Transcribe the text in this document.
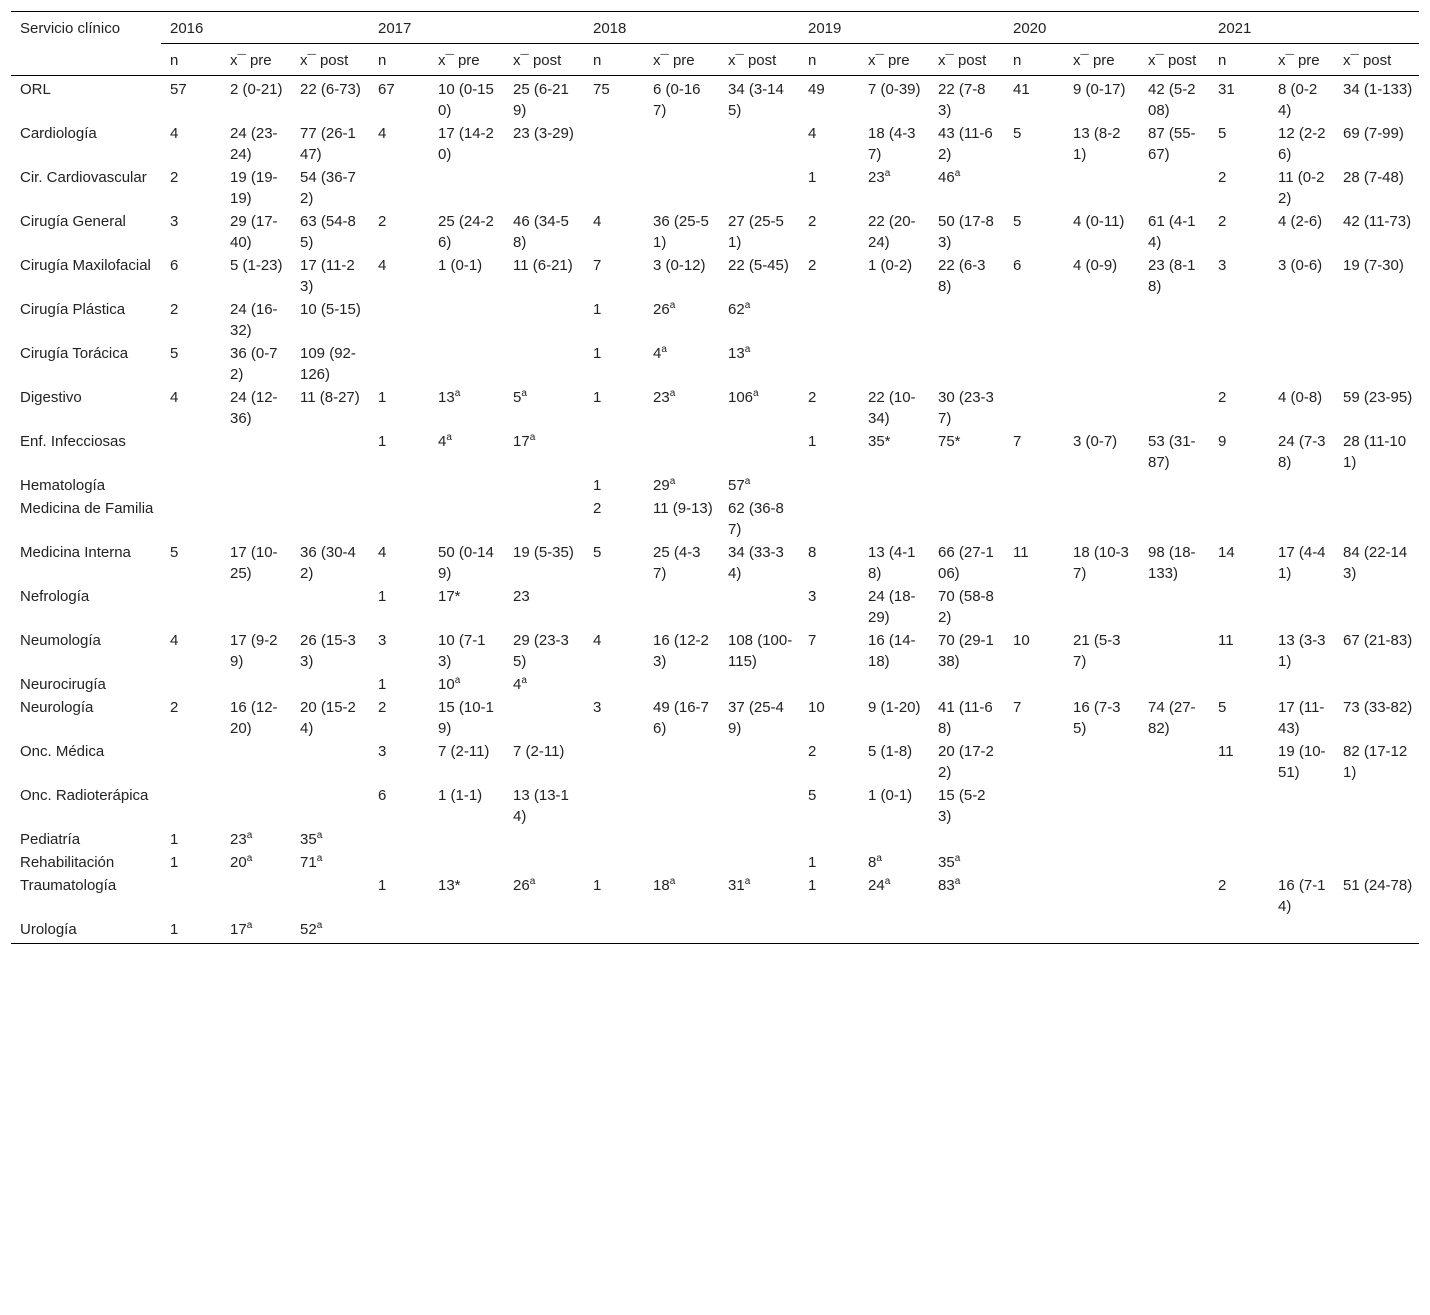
Servicio clínico	2016			2017			2018			2019			2020			2021		
	n	x¯ pre	x¯ post	n	x¯ pre	x¯ post	n	x¯ pre	x¯ post	n	x¯ pre	x¯ post	n	x¯ pre	x¯ post	n	x¯ pre	x¯ post
ORL	57	2 (0-21)	22 (6-73)	67	10 (0-150)	25 (6-219)	75	6 (0-167)	34 (3-145)	49	7 (0-39)	22 (7-83)	41	9 (0-17)	42 (5-208)	31	8 (0-24)	34 (1-133)
Cardiología	4	24 (23-24)	77 (26-147)	4	17 (14-20)	23 (3-29)				4	18 (4-37)	43 (11-62)	5	13 (8-21)	87 (55-67)	5	12 (2-26)	69 (7-99)
Cir. Cardiovascular	2	19 (19-19)	54 (36-72)							1	23$^a$	46$^a$				2	11 (0-22)	28 (7-48)
Cirugía General	3	29 (17-40)	63 (54-85)	2	25 (24-26)	46 (34-58)	4	36 (25-51)	27 (25-51)	2	22 (20-24)	50 (17-83)	5	4 (0-11)	61 (4-14)	2	4 (2-6)	42 (11-73)
Cirugía Maxilofacial	6	5 (1-23)	17 (11-23)	4	1 (0-1)	11 (6-21)	7	3 (0-12)	22 (5-45)	2	1 (0-2)	22 (6-38)	6	4 (0-9)	23 (8-18)	3	3 (0-6)	19 (7-30)
Cirugía Plástica	2	24 (16-32)	10 (5-15)				1	26$^a$	62$^a$									
Cirugía Torácica	5	36 (0-72)	109 (92-126)				1	4$^a$	13$^a$									
Digestivo	4	24 (12-36)	11 (8-27)	1	13$^a$	5$^a$	1	23$^a$	106$^a$	2	22 (10-34)	30 (23-37)				2	4 (0-8)	59 (23-95)
Enf. Infecciosas				1	4$^a$	17$^a$				1	35*	75*	7	3 (0-7)	53 (31-87)	9	24 (7-38)	28 (11-101)
Hematología							1	29$^a$	57$^a$									
Medicina de Familia							2	11 (9-13)	62 (36-87)									
Medicina Interna	5	17 (10-25)	36 (30-42)	4	50 (0-149)	19 (5-35)	5	25 (4-37)	34 (33-34)	8	13 (4-18)	66 (27-106)	11	18 (10-37)	98 (18-133)	14	17 (4-41)	84 (22-143)
Nefrología				1	17*	23				3	24 (18-29)	70 (58-82)						
Neumología	4	17 (9-29)	26 (15-33)	3	10 (7-13)	29 (23-35)	4	16 (12-23)	108 (100-115)	7	16 (14-18)	70 (29-138)	10	21 (5-37)		11	13 (3-31)	67 (21-83)
Neurocirugía				1	10$^a$	4$^a$												
Neurología	2	16 (12-20)	20 (15-24)	2	15 (10-19)		3	49 (16-76)	37 (25-49)	10	9 (1-20)	41 (11-68)	7	16 (7-35)	74 (27-82)	5	17 (11-43)	73 (33-82)
Onc. Médica				3	7 (2-11)	7 (2-11)				2	5 (1-8)	20 (17-22)				11	19 (10-51)	82 (17-121)
Onc. Radioterápica				6	1 (1-1)	13 (13-14)				5	1 (0-1)	15 (5-23)						
Pediatría	1	23$^a$	35$^a$															
Rehabilitación	1	20$^a$	71$^a$							1	8$^a$	35$^a$						
Traumatología				1	13*	26$^a$	1	18$^a$	31$^a$	1	24$^a$	83$^a$				2	16 (7-14)	51 (24-78)
Urología	1	17$^a$	52$^a$															
